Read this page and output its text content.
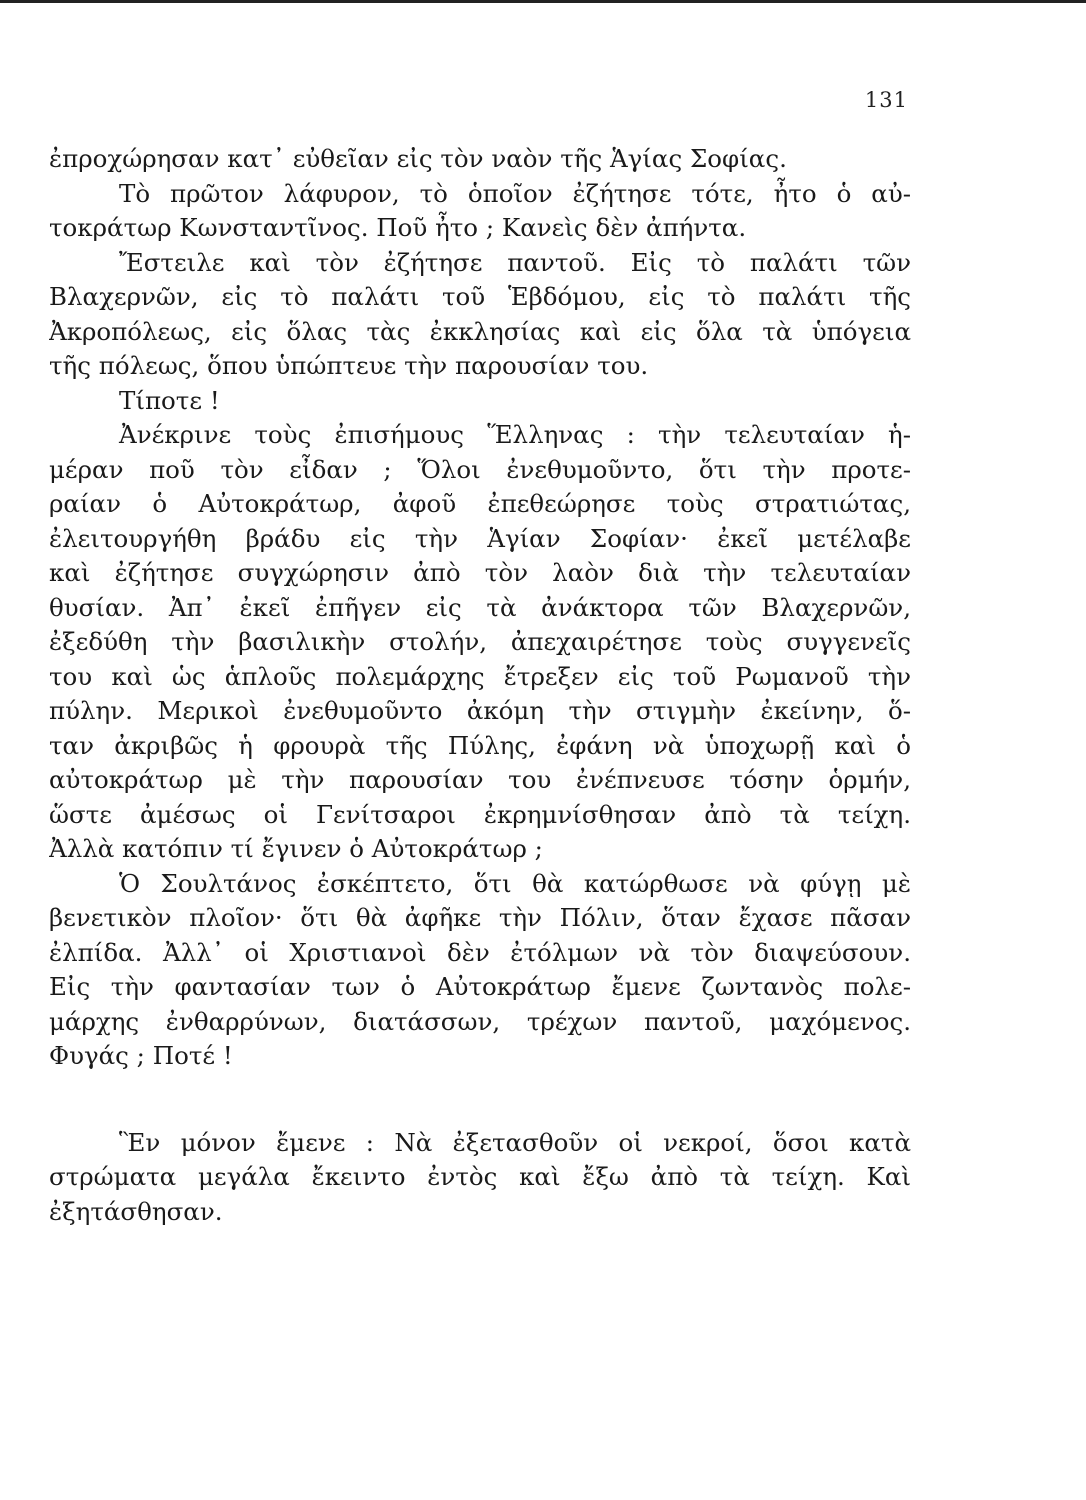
131
ἐπροχώρησαν κατ᾽ εὐθεῖαν εἰς τὸν ναὸν τῆς Ἁγίας Σοφίας.
Τὸ πρῶτον λάφυρον, τὸ ὁποῖον ἐζήτησε τότε, ἦτο ὁ αὐ-
τοκράτωρ Κωνσταντῖνος. Ποῦ ἦτο ; Κανεὶς δὲν ἀπήντα.
Ἔστειλε καὶ τὸν ἐζήτησε παντοῦ. Εἰς τὸ παλάτι τῶν
Βλαχερνῶν, εἰς τὸ παλάτι τοῦ Ἑβδόμου, εἰς τὸ παλάτι τῆς
Ἀκροπόλεως, εἰς ὅλας τὰς ἐκκλησίας καὶ εἰς ὅλα τὰ ὑπόγεια
τῆς πόλεως, ὅπου ὑπώπτευε τὴν παρουσίαν του.
Τίποτε !
Ἀνέκρινε τοὺς ἐπισήμους Ἕλληνας : τὴν τελευταίαν ἡ-
μέραν ποῦ τὸν εἶδαν ; Ὅλοι ἐνεθυμοῦντο, ὅτι τὴν προτε-
ραίαν ὁ Αὐτοκράτωρ, ἀφοῦ ἐπεθεώρησε τοὺς στρατιώτας,
ἐλειτουργήθη βράδυ εἰς τὴν Ἁγίαν Σοφίαν· ἐκεῖ μετέλαβε
καὶ ἐζήτησε συγχώρησιν ἀπὸ τὸν λαὸν διὰ τὴν τελευταίαν
θυσίαν. Ἀπ᾽ ἐκεῖ ἐπῆγεν εἰς τὰ ἀνάκτορα τῶν Βλαχερνῶν,
ἐξεδύθη τὴν βασιλικὴν στολήν, ἀπεχαιρέτησε τοὺς συγγενεῖς
του καὶ ὡς ἁπλοῦς πολεμάρχης ἔτρεξεν εἰς τοῦ Ρωμανοῦ τὴν
πύλην. Μερικοὶ ἐνεθυμοῦντο ἀκόμη τὴν στιγμὴν ἐκείνην, ὅ-
ταν ἀκριβῶς ἡ φρουρὰ τῆς Πύλης, ἐφάνη νὰ ὑποχωρῇ καὶ ὁ
αὐτοκράτωρ μὲ τὴν παρουσίαν του ἐνέπνευσε τόσην ὁρμήν,
ὥστε ἀμέσως οἱ Γενίτσαροι ἐκρημνίσθησαν ἀπὸ τὰ τείχη.
Ἀλλὰ κατόπιν τί ἔγινεν ὁ Αὐτοκράτωρ ;
Ὁ Σουλτάνος ἐσκέπτετο, ὅτι θὰ κατώρθωσε νὰ φύγῃ μὲ
βενετικὸν πλοῖον· ὅτι θὰ ἀφῆκε τὴν Πόλιν, ὅταν ἔχασε πᾶσαν
ἐλπίδα. Ἀλλ᾽ οἱ Χριστιανοὶ δὲν ἐτόλμων νὰ τὸν διαψεύσουν.
Εἰς τὴν φαντασίαν των ὁ Αὐτοκράτωρ ἔμενε ζωντανὸς πολε-
μάρχης ἐνθαρρύνων, διατάσσων, τρέχων παντοῦ, μαχόμενος.
Φυγάς ; Ποτέ !
Ἓν μόνον ἔμενε : Νὰ ἐξετασθοῦν οἱ νεκροί, ὅσοι κατὰ
στρώματα μεγάλα ἔκειντο ἐντὸς καὶ ἔξω ἀπὸ τὰ τείχη. Καὶ
ἐξητάσθησαν.
